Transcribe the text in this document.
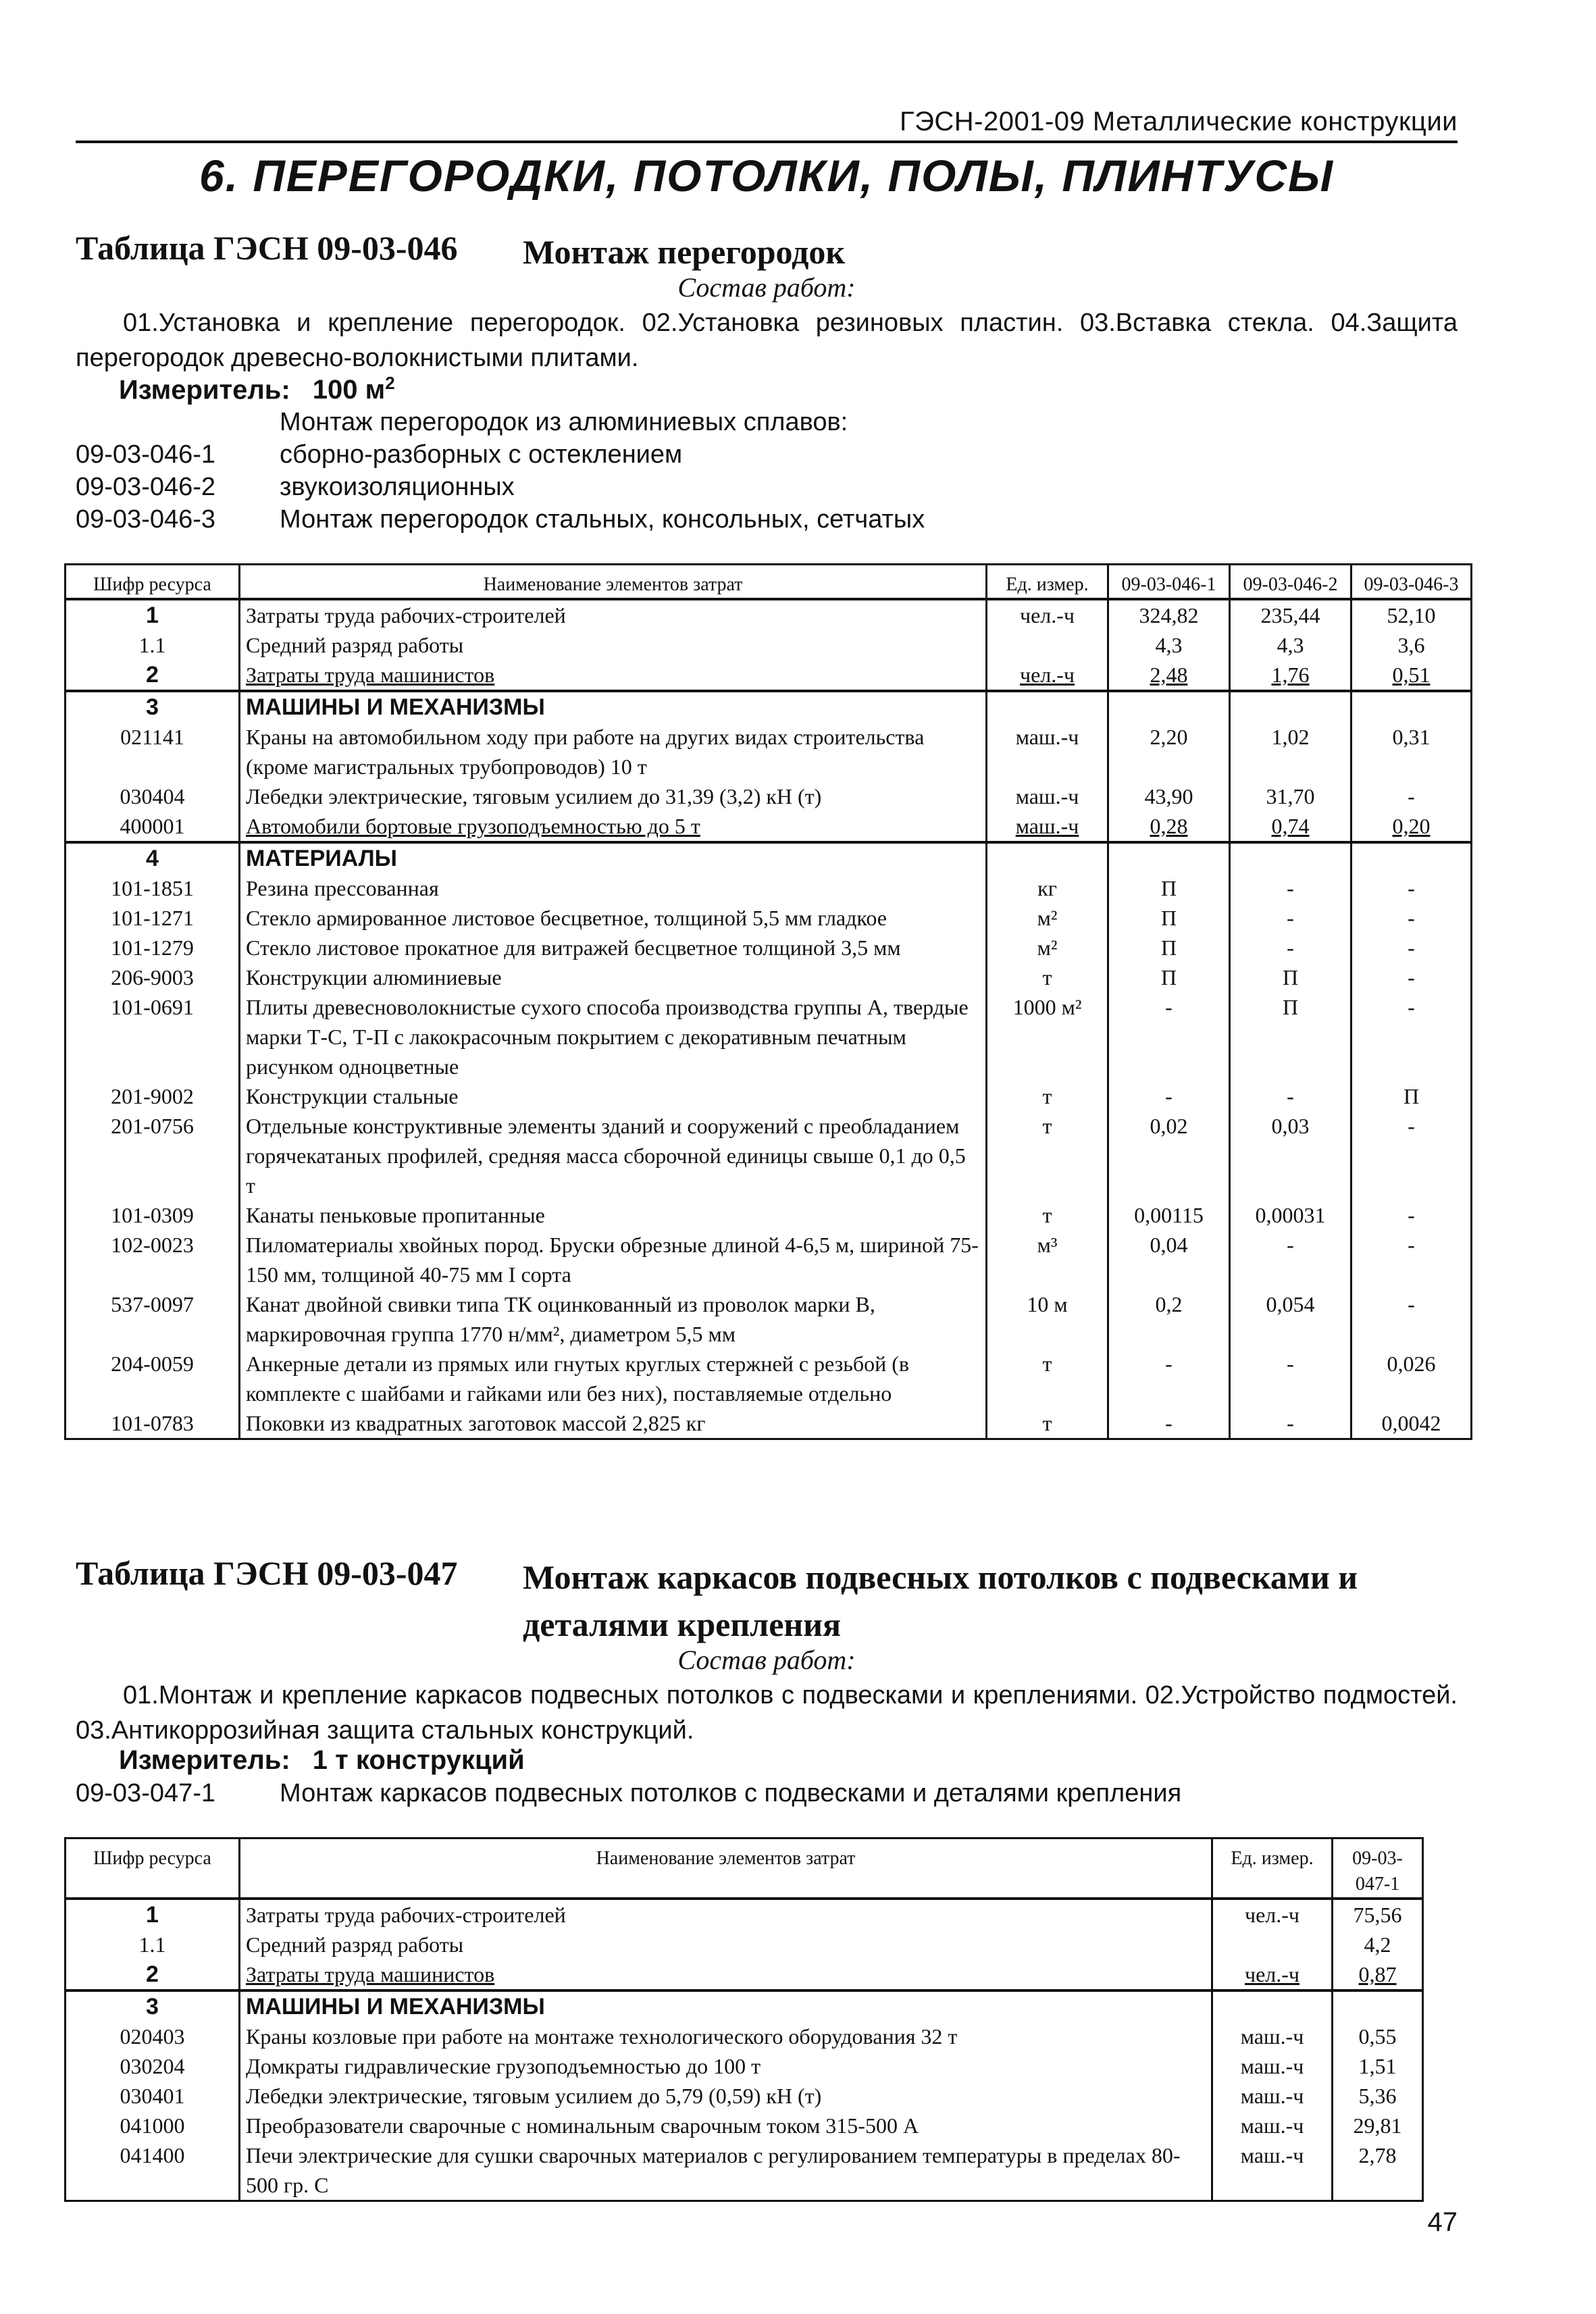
ГЭСН-2001-09 Металлические конструкции
6. ПЕРЕГОРОДКИ, ПОТОЛКИ, ПОЛЫ, ПЛИНТУСЫ
Таблица ГЭСН 09-03-046 Монтаж перегородок
Состав работ:
01.Установка и крепление перегородок. 02.Установка резиновых пластин. 03.Вставка стекла. 04.Защита перегородок древесно-волокнистыми плитами.
Измеритель: 100 $м^2$
Монтаж перегородок из алюминиевых сплавов:
09-03-046-1 сборно-разборных с остеклением
09-03-046-2 звукоизоляционных
09-03-046-3 Монтаж перегородок стальных, консольных, сетчатых
Шифр ресурса	Наименование элементов затрат	Ед. измер.	09-03-046-1	09-03-046-2	09-03-046-3
1	Затраты труда рабочих-строителей	чел.-ч	324,82	235,44	52,10
1.1	Средний разряд работы		4,3	4,3	3,6
2	Затраты труда машинистов	чел.-ч	2,48	1,76	0,51
3	МАШИНЫ И МЕХАНИЗМЫ				
021141	Краны на автомобильном ходу при работе на других видах строительства (кроме магистральных трубопроводов) 10 т	маш.-ч	2,20	1,02	0,31
030404	Лебедки электрические, тяговым усилием до 31,39 (3,2) кН (т)	маш.-ч	43,90	31,70	-
400001	Автомобили бортовые грузоподъемностью до 5 т	маш.-ч	0,28	0,74	0,20
4	МАТЕРИАЛЫ				
101-1851	Резина прессованная	кг	П	-	-
101-1271	Стекло армированное листовое бесцветное, толщиной 5,5 мм гладкое	м²	П	-	-
101-1279	Стекло листовое прокатное для витражей бесцветное толщиной 3,5 мм	м²	П	-	-
206-9003	Конструкции алюминиевые	т	П	П	-
101-0691	Плиты древесноволокнистые сухого способа производства группы А, твердые марки Т-С, Т-П с лакокрасочным покрытием с декоративным печатным рисунком одноцветные	1000 м²	-	П	-
201-9002	Конструкции стальные	т	-	-	П
201-0756	Отдельные конструктивные элементы зданий и сооружений с преобладанием горячекатаных профилей, средняя масса сборочной единицы свыше 0,1 до 0,5 т	т	0,02	0,03	-
101-0309	Канаты пеньковые пропитанные	т	0,00115	0,00031	-
102-0023	Пиломатериалы хвойных пород. Бруски обрезные длиной 4-6,5 м, шириной 75-150 мм, толщиной 40-75 мм I сорта	м³	0,04	-	-
537-0097	Канат двойной свивки типа ТК оцинкованный из проволок марки В, маркировочная группа 1770 н/мм², диаметром 5,5 мм	10 м	0,2	0,054	-
204-0059	Анкерные детали из прямых или гнутых круглых стержней с резьбой (в комплекте с шайбами и гайками или без них), поставляемые отдельно	т	-	-	0,026
101-0783	Поковки из квадратных заготовок массой 2,825 кг	т	-	-	0,0042
Таблица ГЭСН 09-03-047 Монтаж каркасов подвесных потолков с подвесками и деталями крепления
Состав работ:
01.Монтаж и крепление каркасов подвесных потолков с подвесками и креплениями. 02.Устройство подмостей. 03.Антикоррозийная защита стальных конструкций.
Измеритель: 1 т конструкций
09-03-047-1 Монтаж каркасов подвесных потолков с подвесками и деталями крепления
Шифр ресурса	Наименование элементов затрат	Ед. измер.	09-03-047-1
1	Затраты труда рабочих-строителей	чел.-ч	75,56
1.1	Средний разряд работы		4,2
2	Затраты труда машинистов	чел.-ч	0,87
3	МАШИНЫ И МЕХАНИЗМЫ		
020403	Краны козловые при работе на монтаже технологического оборудования 32 т	маш.-ч	0,55
030204	Домкраты гидравлические грузоподъемностью до 100 т	маш.-ч	1,51
030401	Лебедки электрические, тяговым усилием до 5,79 (0,59) кН (т)	маш.-ч	5,36
041000	Преобразователи сварочные с номинальным сварочным током 315-500 А	маш.-ч	29,81
041400	Печи электрические для сушки сварочных материалов с регулированием температуры в пределах 80-500 гр. С	маш.-ч	2,78
47
